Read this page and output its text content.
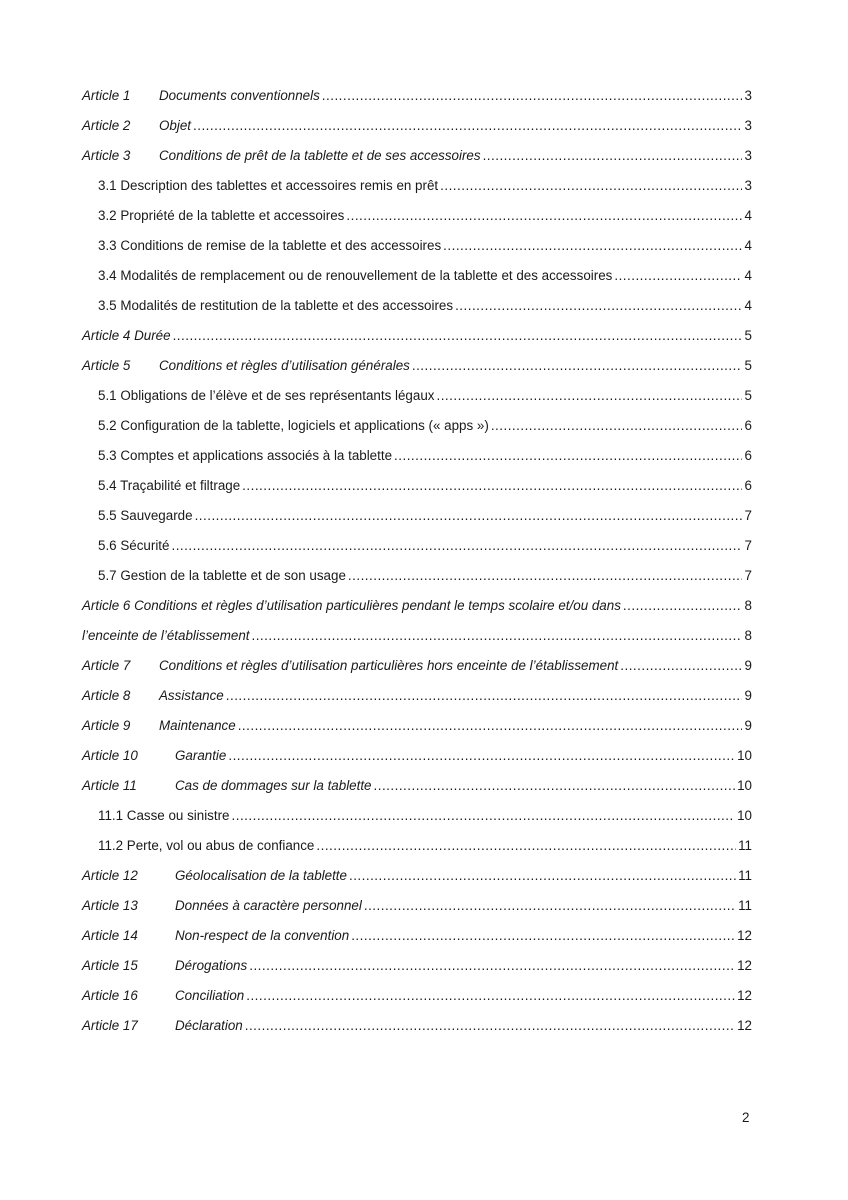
Article 1	Documents conventionnels .....	3
Article 2	Objet .....	3
Article 3	Conditions de prêt de la tablette et de ses accessoires .....	3
3.1 Description des tablettes et accessoires remis en prêt .....	3
3.2 Propriété de la tablette et accessoires .....	4
3.3 Conditions de remise de la tablette et des accessoires .....	4
3.4 Modalités de remplacement ou de renouvellement de la tablette et des accessoires .....	4
3.5 Modalités de restitution de la tablette et des accessoires .....	4
Article 4 Durée .....	5
Article 5	Conditions et règles d’utilisation générales .....	5
5.1 Obligations de l’élève et de ses représentants légaux .....	5
5.2 Configuration de la tablette, logiciels et applications (« apps ») .....	6
5.3 Comptes et applications associés à la tablette .....	6
5.4 Traçabilité et filtrage .....	6
5.5 Sauvegarde .....	7
5.6 Sécurité .....	7
5.7 Gestion de la tablette et de son usage .....	7
Article 6 Conditions et règles d’utilisation particulières pendant le temps scolaire et/ou dans .....	8
l’enceinte de l’établissement .....	8
Article 7	Conditions et règles d’utilisation particulières hors enceinte de l’établissement .....	9
Article 8	Assistance .....	9
Article 9	Maintenance .....	9
Article 10	Garantie .....	10
Article 11	Cas de dommages sur la tablette .....	10
11.1 Casse ou sinistre .....	10
11.2 Perte, vol ou abus de confiance .....	11
Article 12	Géolocalisation de la tablette .....	11
Article 13	Données à caractère personnel .....	11
Article 14	Non-respect de la convention .....	12
Article 15	Dérogations .....	12
Article 16	Conciliation .....	12
Article 17	Déclaration .....	12
2
